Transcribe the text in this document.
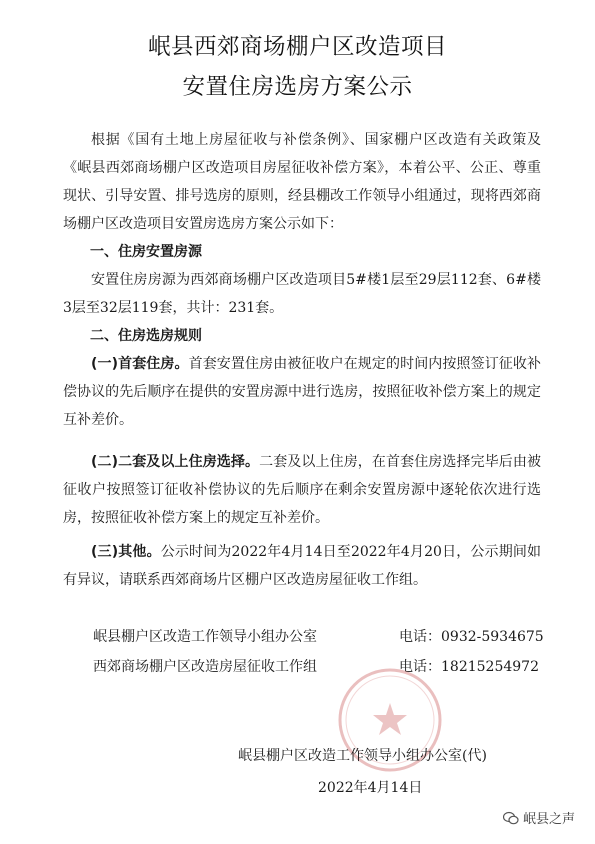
岷县西郊商场棚户区改造项目
安置住房选房方案公示
根据《国有土地上房屋征收与补偿条例》、国家棚户区改造有关政策及《岷县西郊商场棚户区改造项目房屋征收补偿方案》，本着公平、公正、尊重现状、引导安置、排号选房的原则，经县棚改工作领导小组通过，现将西郊商场棚户区改造项目安置房选房方案公示如下：
一、住房安置房源
安置住房房源为西郊商场棚户区改造项目5#楼1层至29层112套、6#楼3层至32层119套，共计：231套。
二、住房选房规则
(一)首套住房。首套安置住房由被征收户在规定的时间内按照签订征收补偿协议的先后顺序在提供的安置房源中进行选房，按照征收补偿方案上的规定互补差价。
(二)二套及以上住房选择。二套及以上住房，在首套住房选择完毕后由被征收户按照签订征收补偿协议的先后顺序在剩余安置房源中逐轮依次进行选房，按照征收补偿方案上的规定互补差价。
(三)其他。公示时间为2022年4月14日至2022年4月20日，公示期间如有异议，请联系西郊商场片区棚户区改造房屋征收工作组。
岷县棚户区改造工作领导小组办公室	电话：0932-5934675
西郊商场棚户区改造房屋征收工作组	电话：18215254972
岷县棚户区改造工作领导小组办公室(代)
2022年4月14日
岷县之声
